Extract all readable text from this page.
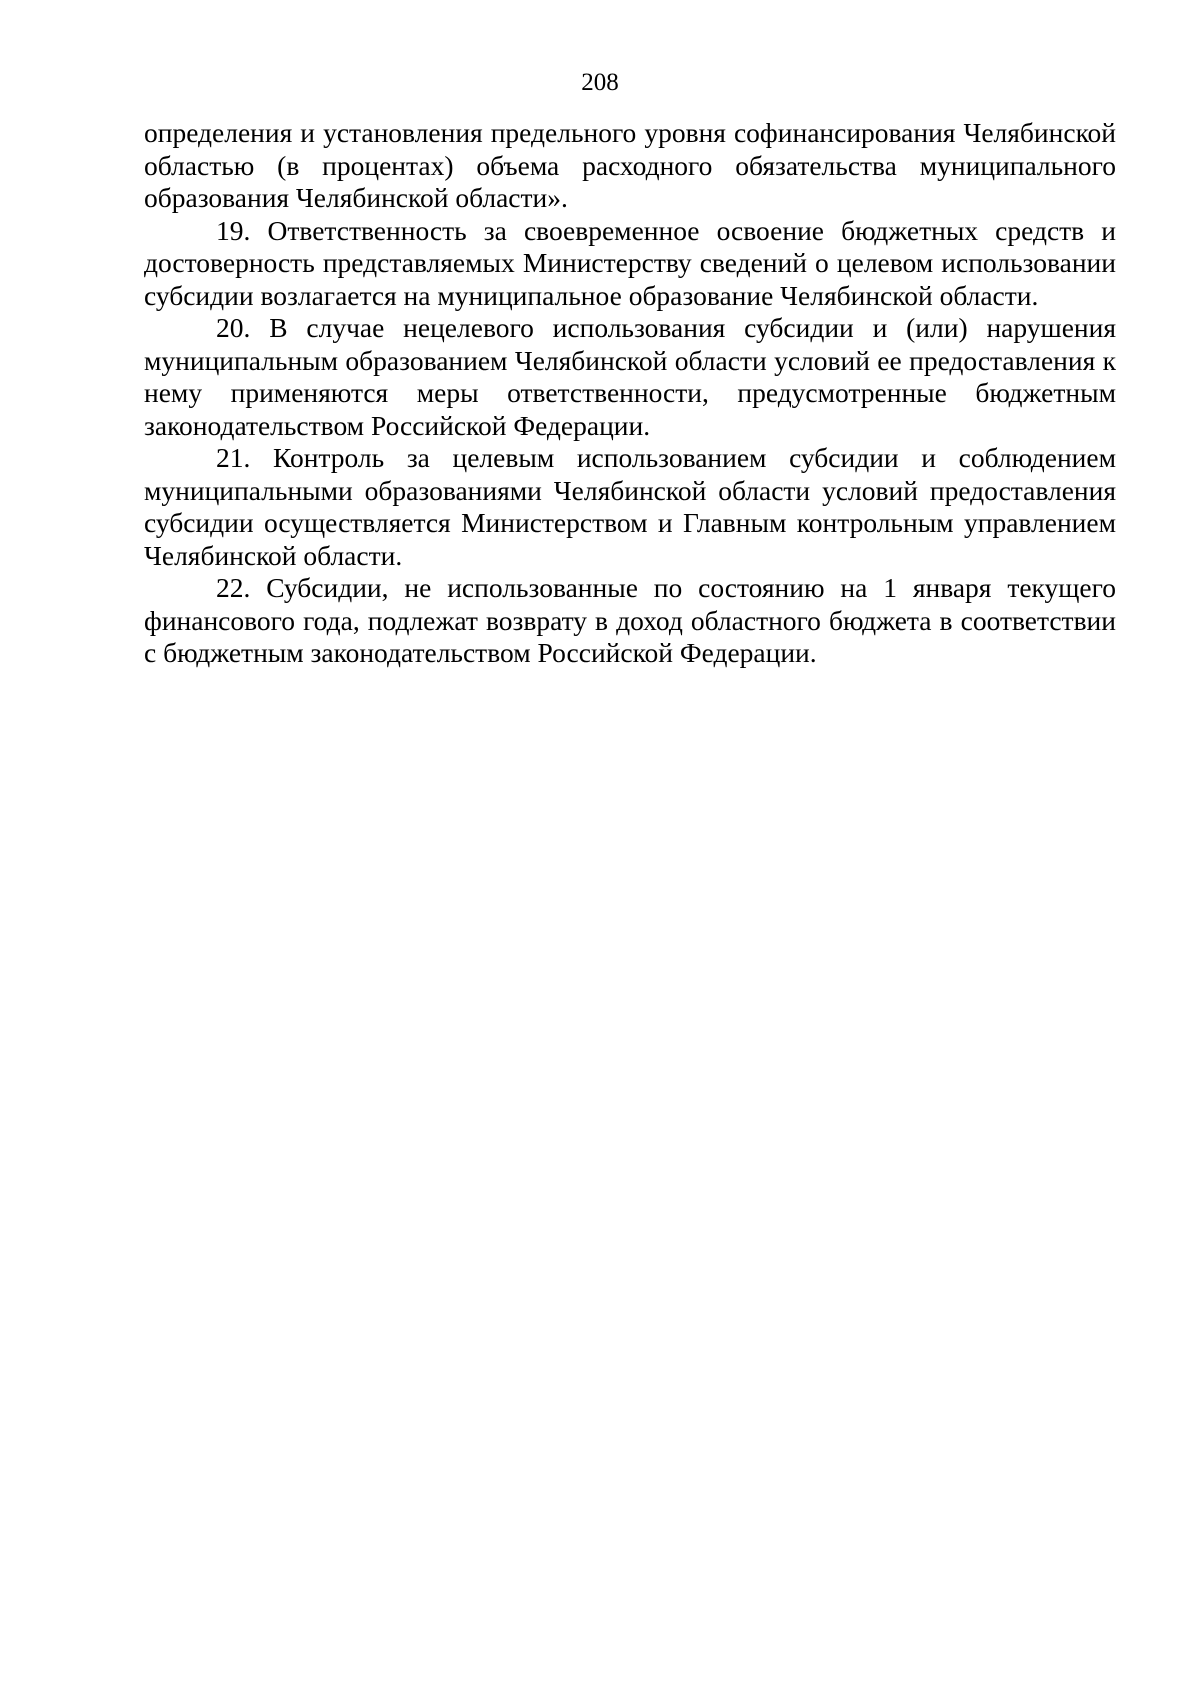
208

определения и установления предельного уровня софинансирования Челябинской областью (в процентах) объема расходного обязательства муниципального образования Челябинской области».

19. Ответственность за своевременное освоение бюджетных средств и достоверность представляемых Министерству сведений о целевом использовании субсидии возлагается на муниципальное образование Челябинской области.

20. В случае нецелевого использования субсидии и (или) нарушения муниципальным образованием Челябинской области условий ее предоставления к нему применяются меры ответственности, предусмотренные бюджетным законодательством Российской Федерации.

21. Контроль за целевым использованием субсидии и соблюдением муниципальными образованиями Челябинской области условий предоставления субсидии осуществляется Министерством и Главным контрольным управлением Челябинской области.

22. Субсидии, не использованные по состоянию на 1 января текущего финансового года, подлежат возврату в доход областного бюджета в соответствии с бюджетным законодательством Российской Федерации.
